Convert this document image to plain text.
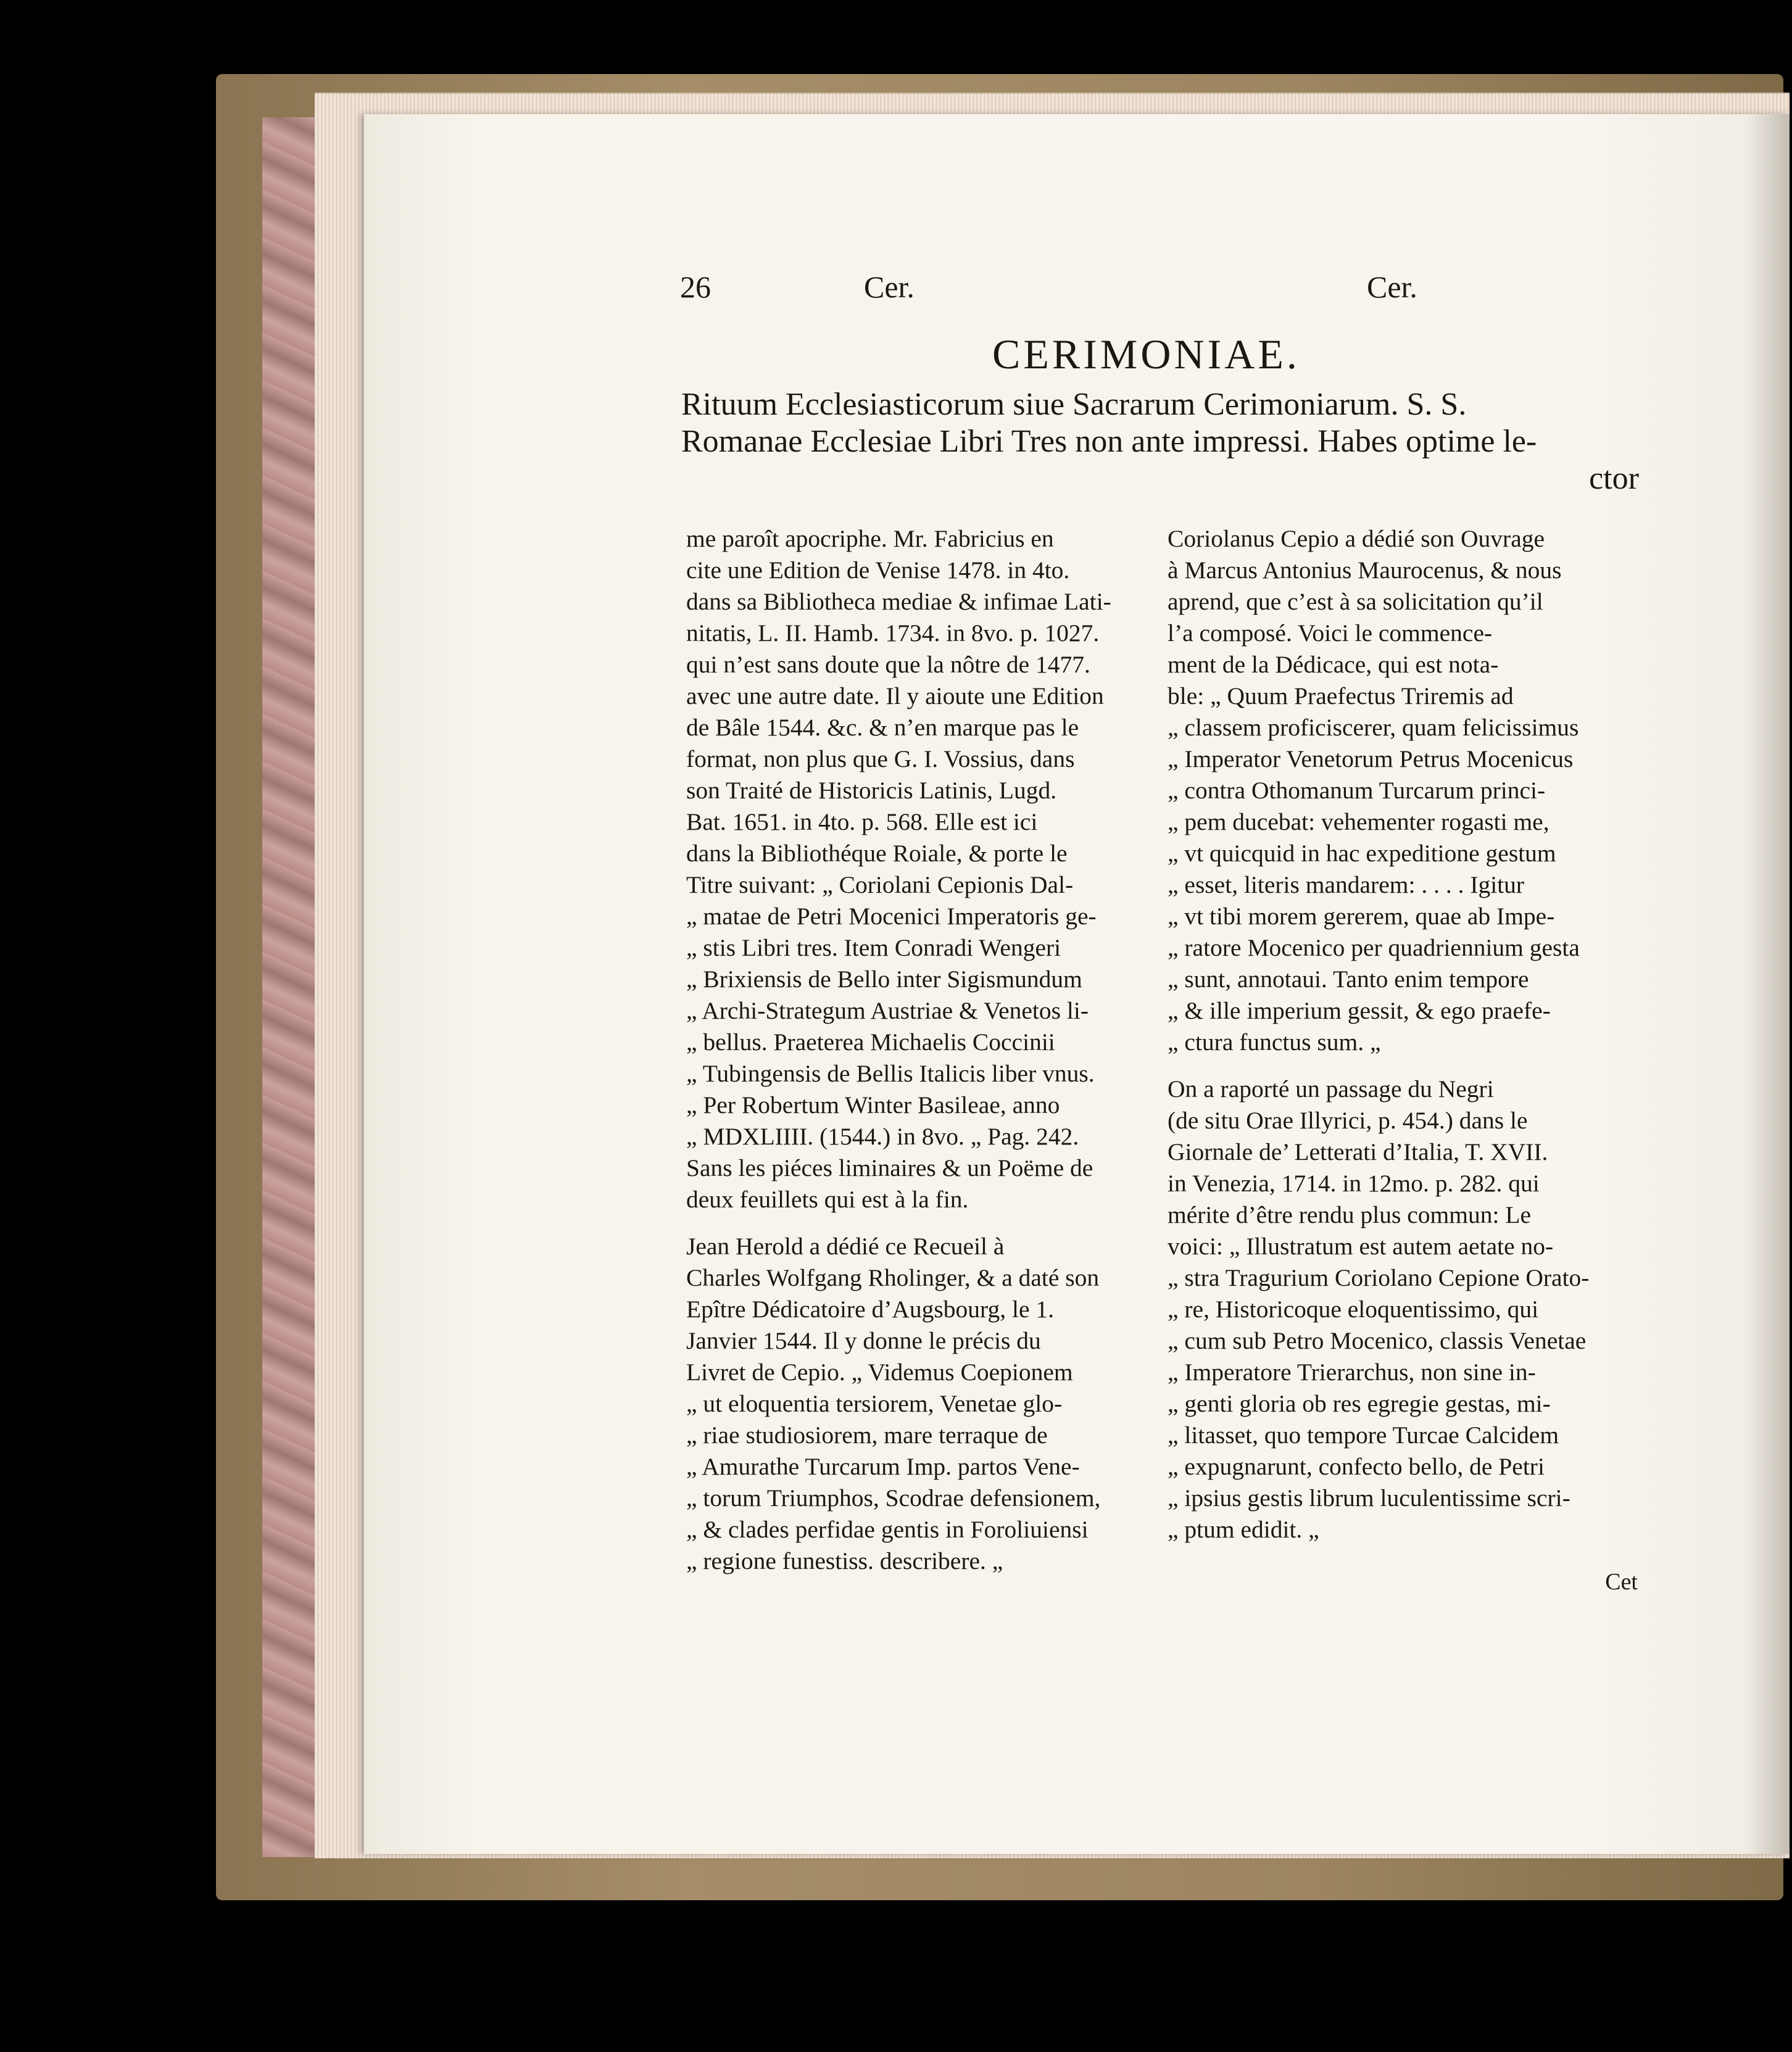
26	Cer.	Cer.
CERIMONIAE.
Rituum Ecclesiasticorum siue Sacrarum Cerimoniarum. S. S.
Romanae Ecclesiae Libri Tres non ante impressi. Habes optime le-
ctor
me paroît apocriphe. Mr. Fabricius en
cite une Edition de Venise 1478. in 4to.
dans sa Bibliotheca mediae & infimae Lati-
nitatis, L. II. Hamb. 1734. in 8vo. p. 1027.
qui n’est sans doute que la nôtre de 1477.
avec une autre date. Il y aioute une Edition
de Bâle 1544. &c. & n’en marque pas le
format, non plus que G. I. Vossius, dans
son Traité de Historicis Latinis, Lugd.
Bat. 1651. in 4to. p. 568. Elle est ici
dans la Bibliothéque Roiale, & porte le
Titre suivant: „ Coriolani Cepionis Dal-
„ matae de Petri Mocenici Imperatoris ge-
„ stis Libri tres. Item Conradi Wengeri
„ Brixiensis de Bello inter Sigismundum
„ Archi-Strategum Austriae & Venetos li-
„ bellus. Praeterea Michaelis Coccinii
„ Tubingensis de Bellis Italicis liber vnus.
„ Per Robertum Winter Basileae, anno
„ MDXLIIII. (1544.) in 8vo. „ Pag. 242.
Sans les piéces liminaires & un Poëme de
deux feuillets qui est à la fin.
Jean Herold a dédié ce Recueil à
Charles Wolfgang Rholinger, & a daté son
Epître Dédicatoire d’Augsbourg, le 1.
Janvier 1544. Il y donne le précis du
Livret de Cepio. „ Videmus Coepionem
„ ut eloquentia tersiorem, Venetae glo-
„ riae studiosiorem, mare terraque de
„ Amurathe Turcarum Imp. partos Vene-
„ torum Triumphos, Scodrae defensionem,
„ & clades perfidae gentis in Foroliuiensi
„ regione funestiss. describere. „
Coriolanus Cepio a dédié son Ouvrage
à Marcus Antonius Maurocenus, & nous
aprend, que c’est à sa solicitation qu’il
l’a composé. Voici le commence-
ment de la Dédicace, qui est nota-
ble: „ Quum Praefectus Triremis ad
„ classem proficiscerer, quam felicissimus
„ Imperator Venetorum Petrus Mocenicus
„ contra Othomanum Turcarum princi-
„ pem ducebat: vehementer rogasti me,
„ vt quicquid in hac expeditione gestum
„ esset, literis mandarem: . . . . Igitur
„ vt tibi morem gererem, quae ab Impe-
„ ratore Mocenico per quadriennium gesta
„ sunt, annotaui. Tanto enim tempore
„ & ille imperium gessit, & ego praefe-
„ ctura functus sum. „
On a raporté un passage du Negri
(de situ Orae Illyrici, p. 454.) dans le
Giornale de’ Letterati d’Italia, T. XVII.
in Venezia, 1714. in 12mo. p. 282. qui
mérite d’être rendu plus commun: Le
voici: „ Illustratum est autem aetate no-
„ stra Tragurium Coriolano Cepione Orato-
„ re, Historicoque eloquentissimo, qui
„ cum sub Petro Mocenico, classis Venetae
„ Imperatore Trierarchus, non sine in-
„ genti gloria ob res egregie gestas, mi-
„ litasset, quo tempore Turcae Calcidem
„ expugnarunt, confecto bello, de Petri
„ ipsius gestis librum luculentissime scri-
„ ptum edidit. „
Cet
